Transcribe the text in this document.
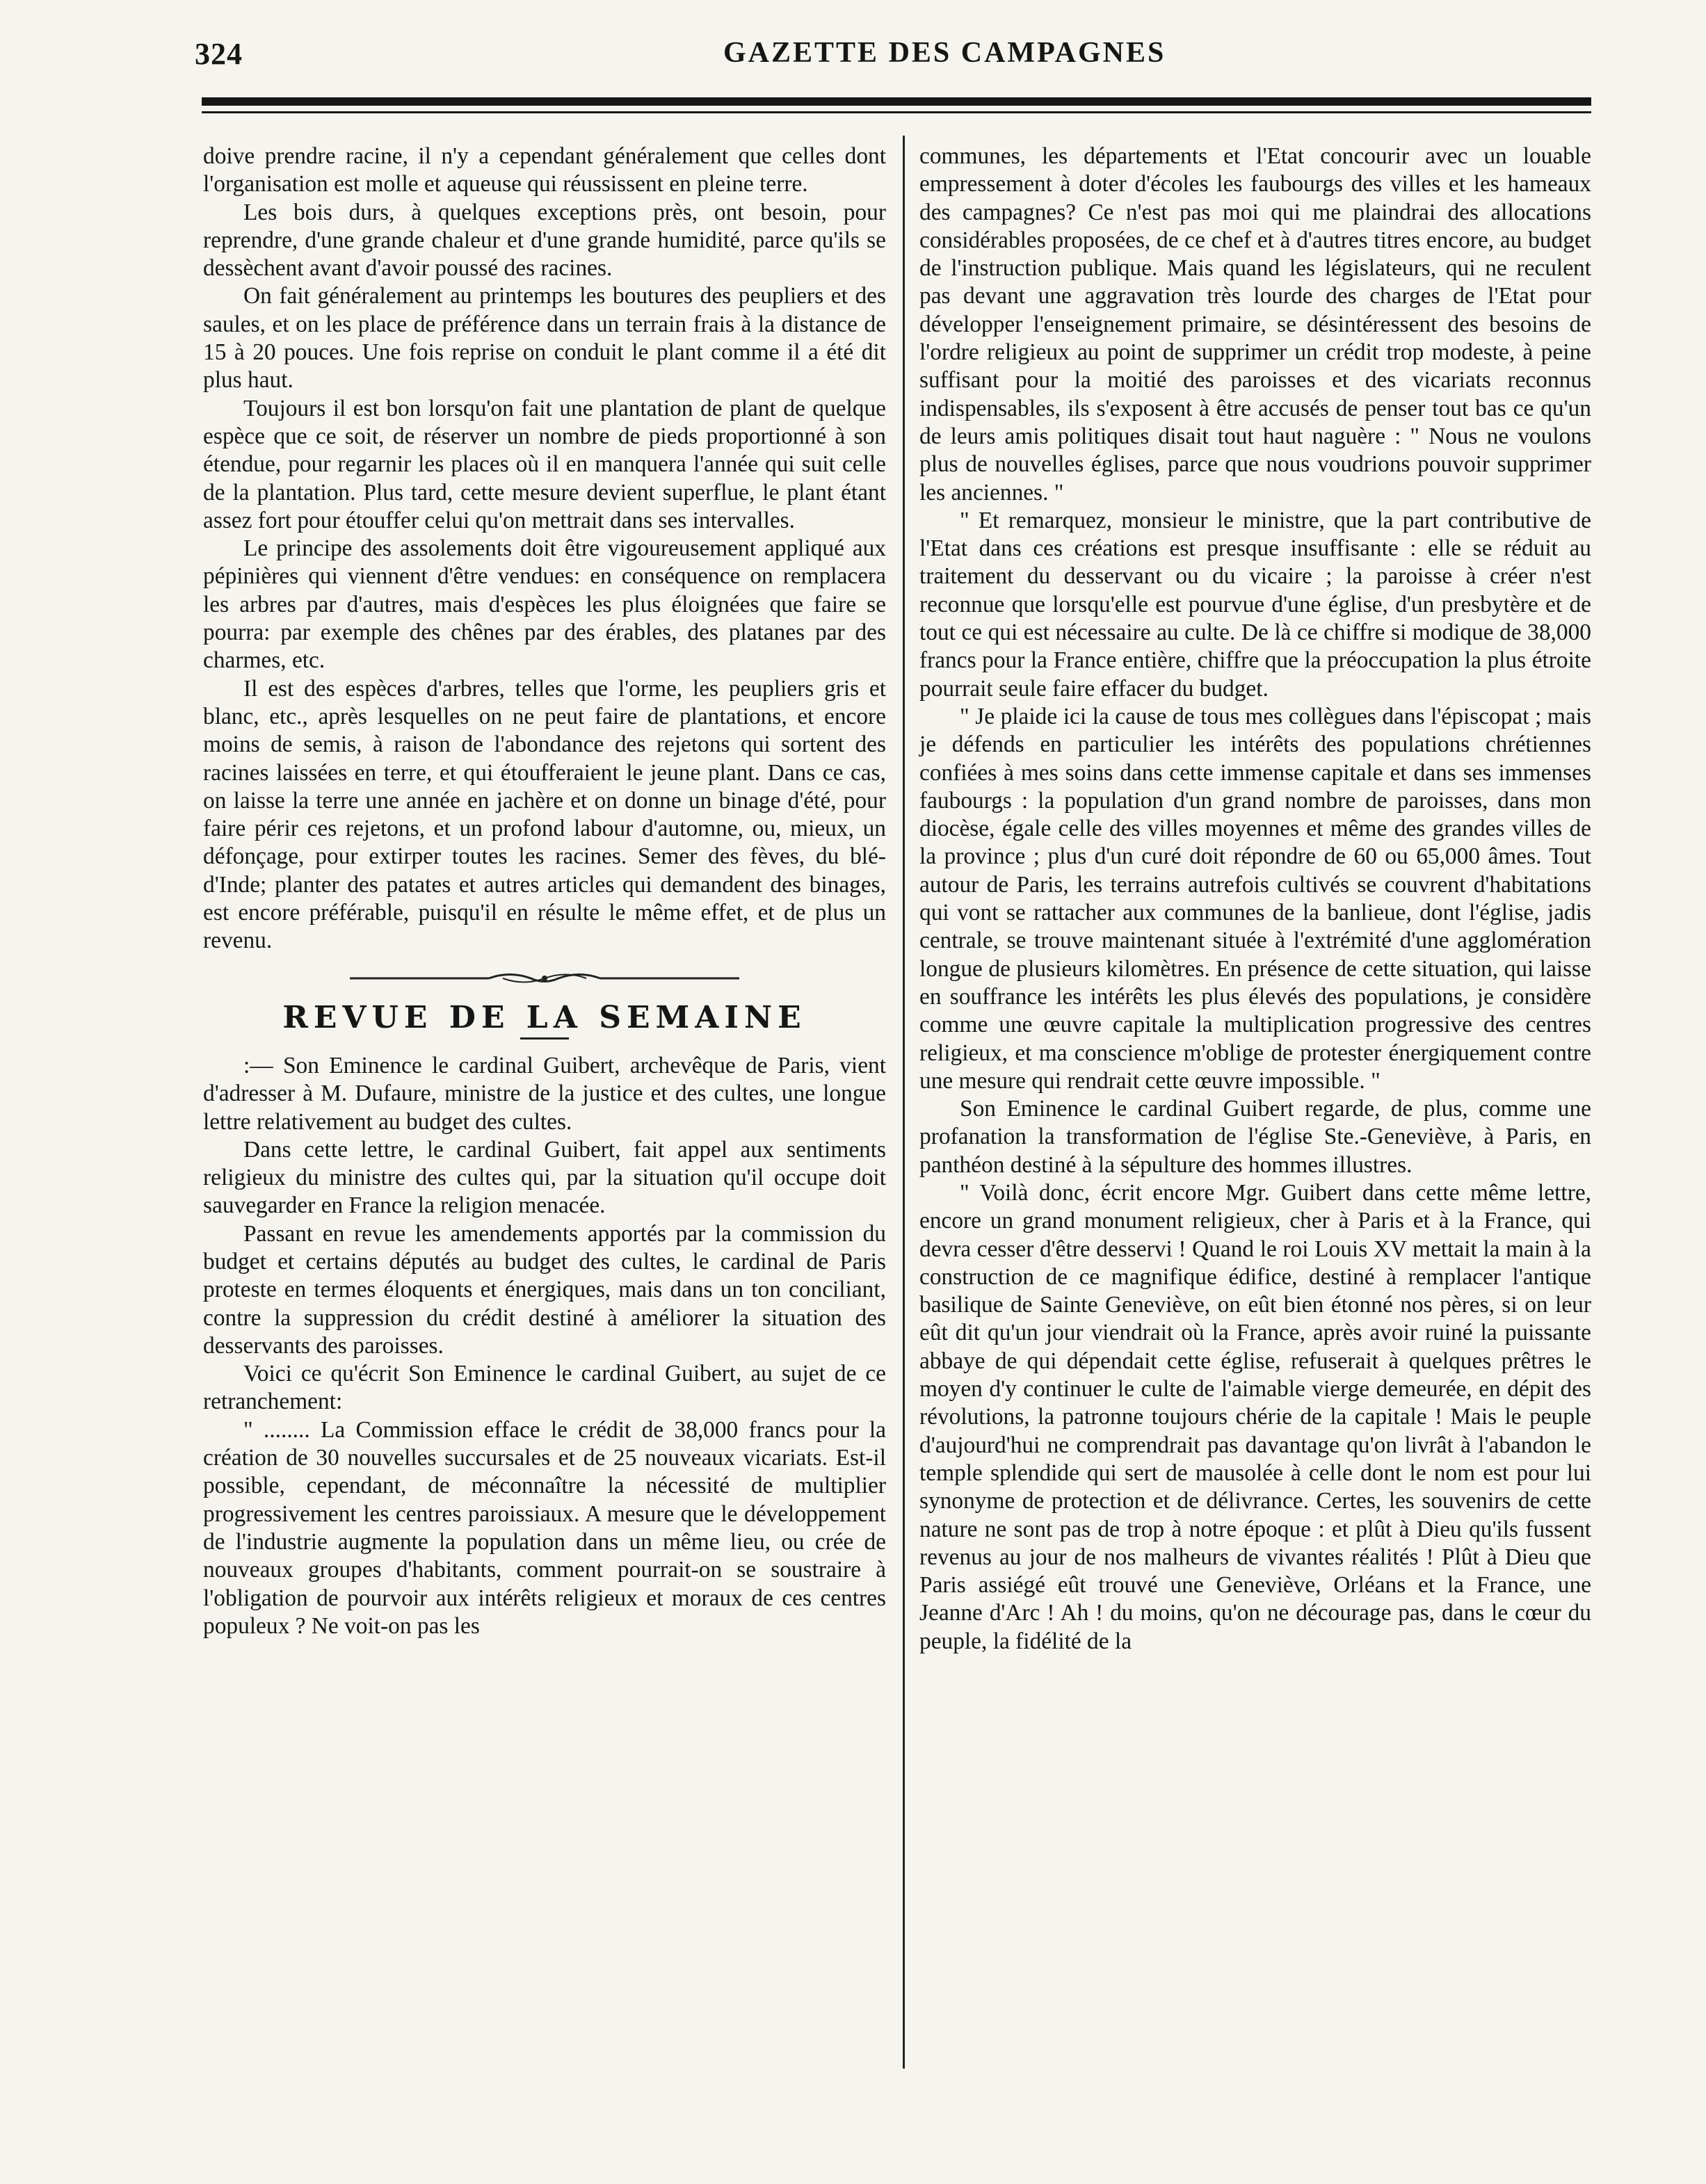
324	GAZETTE DES CAMPAGNES

doive prendre racine, il n'y a cependant généralement que celles dont l'organisation est molle et aqueuse qui réussissent en pleine terre.

Les bois durs, à quelques exceptions près, ont besoin, pour reprendre, d'une grande chaleur et d'une grande humidité, parce qu'ils se dessèchent avant d'avoir poussé des racines.

On fait généralement au printemps les boutures des peupliers et des saules, et on les place de préférence dans un terrain frais à la distance de 15 à 20 pouces. Une fois reprise on conduit le plant comme il a été dit plus haut.

Toujours il est bon lorsqu'on fait une plantation de plant de quelque espèce que ce soit, de réserver un nombre de pieds proportionné à son étendue, pour regarnir les places où il en manquera l'année qui suit celle de la plantation. Plus tard, cette mesure devient superflue, le plant étant assez fort pour étouffer celui qu'on mettrait dans ses intervalles.

Le principe des assolements doit être vigoureusement appliqué aux pépinières qui viennent d'être vendues: en conséquence on remplacera les arbres par d'autres, mais d'espèces les plus éloignées que faire se pourra: par exemple des chênes par des érables, des platanes par des charmes, etc.

Il est des espèces d'arbres, telles que l'orme, les peupliers gris et blanc, etc., après lesquelles on ne peut faire de plantations, et encore moins de semis, à raison de l'abondance des rejetons qui sortent des racines laissées en terre, et qui étoufferaient le jeune plant. Dans ce cas, on laisse la terre une année en jachère et on donne un binage d'été, pour faire périr ces rejetons, et un profond labour d'automne, ou, mieux, un défonçage, pour extirper toutes les racines. Semer des fèves, du blé-d'Inde; planter des patates et autres articles qui demandent des binages, est encore préférable, puisqu'il en résulte le même effet, et de plus un revenu.

REVUE DE LA SEMAINE

:— Son Eminence le cardinal Guibert, archevêque de Paris, vient d'adresser à M. Dufaure, ministre de la justice et des cultes, une longue lettre relativement au budget des cultes.

Dans cette lettre, le cardinal Guibert, fait appel aux sentiments religieux du ministre des cultes qui, par la situation qu'il occupe doit sauvegarder en France la religion menacée.

Passant en revue les amendements apportés par la commission du budget et certains députés au budget des cultes, le cardinal de Paris proteste en termes éloquents et énergiques, mais dans un ton conciliant, contre la suppression du crédit destiné à améliorer la situation des desservants des paroisses.

Voici ce qu'écrit Son Eminence le cardinal Guibert, au sujet de ce retranchement:

" ........ La Commission efface le crédit de 38,000 francs pour la création de 30 nouvelles succursales et de 25 nouveaux vicariats. Est-il possible, cependant, de méconnaître la nécessité de multiplier progressivement les centres paroissiaux. A mesure que le développement de l'industrie augmente la population dans un même lieu, ou crée de nouveaux groupes d'habitants, comment pourrait-on se soustraire à l'obligation de pourvoir aux intérêts religieux et moraux de ces centres populeux ? Ne voit-on pas les

communes, les départements et l'Etat concourir avec un louable empressement à doter d'écoles les faubourgs des villes et les hameaux des campagnes? Ce n'est pas moi qui me plaindrai des allocations considérables proposées, de ce chef et à d'autres titres encore, au budget de l'instruction publique. Mais quand les législateurs, qui ne reculent pas devant une aggravation très lourde des charges de l'Etat pour développer l'enseignement primaire, se désintéressent des besoins de l'ordre religieux au point de supprimer un crédit trop modeste, à peine suffisant pour la moitié des paroisses et des vicariats reconnus indispensables, ils s'exposent à être accusés de penser tout bas ce qu'un de leurs amis politiques disait tout haut naguère : " Nous ne voulons plus de nouvelles églises, parce que nous voudrions pouvoir supprimer les anciennes. "

" Et remarquez, monsieur le ministre, que la part contributive de l'Etat dans ces créations est presque insuffisante : elle se réduit au traitement du desservant ou du vicaire ; la paroisse à créer n'est reconnue que lorsqu'elle est pourvue d'une église, d'un presbytère et de tout ce qui est nécessaire au culte. De là ce chiffre si modique de 38,000 francs pour la France entière, chiffre que la préoccupation la plus étroite pourrait seule faire effacer du budget.

" Je plaide ici la cause de tous mes collègues dans l'épiscopat ; mais je défends en particulier les intérêts des populations chrétiennes confiées à mes soins dans cette immense capitale et dans ses immenses faubourgs : la population d'un grand nombre de paroisses, dans mon diocèse, égale celle des villes moyennes et même des grandes villes de la province ; plus d'un curé doit répondre de 60 ou 65,000 âmes. Tout autour de Paris, les terrains autrefois cultivés se couvrent d'habitations qui vont se rattacher aux communes de la banlieue, dont l'église, jadis centrale, se trouve maintenant située à l'extrémité d'une agglomération longue de plusieurs kilomètres. En présence de cette situation, qui laisse en souffrance les intérêts les plus élevés des populations, je considère comme une œuvre capitale la multiplication progressive des centres religieux, et ma conscience m'oblige de protester énergiquement contre une mesure qui rendrait cette œuvre impossible. "

Son Eminence le cardinal Guibert regarde, de plus, comme une profanation la transformation de l'église Ste.-Geneviève, à Paris, en panthéon destiné à la sépulture des hommes illustres.

" Voilà donc, écrit encore Mgr. Guibert dans cette même lettre, encore un grand monument religieux, cher à Paris et à la France, qui devra cesser d'être desservi ! Quand le roi Louis XV mettait la main à la construction de ce magnifique édifice, destiné à remplacer l'antique basilique de Sainte Geneviève, on eût bien étonné nos pères, si on leur eût dit qu'un jour viendrait où la France, après avoir ruiné la puissante abbaye de qui dépendait cette église, refuserait à quelques prêtres le moyen d'y continuer le culte de l'aimable vierge demeurée, en dépit des révolutions, la patronne toujours chérie de la capitale ! Mais le peuple d'aujourd'hui ne comprendrait pas davantage qu'on livrât à l'abandon le temple splendide qui sert de mausolée à celle dont le nom est pour lui synonyme de protection et de délivrance. Certes, les souvenirs de cette nature ne sont pas de trop à notre époque : et plût à Dieu qu'ils fussent revenus au jour de nos malheurs de vivantes réalités ! Plût à Dieu que Paris assiégé eût trouvé une Geneviève, Orléans et la France, une Jeanne d'Arc ! Ah ! du moins, qu'on ne décourage pas, dans le cœur du peuple, la fidélité de la
